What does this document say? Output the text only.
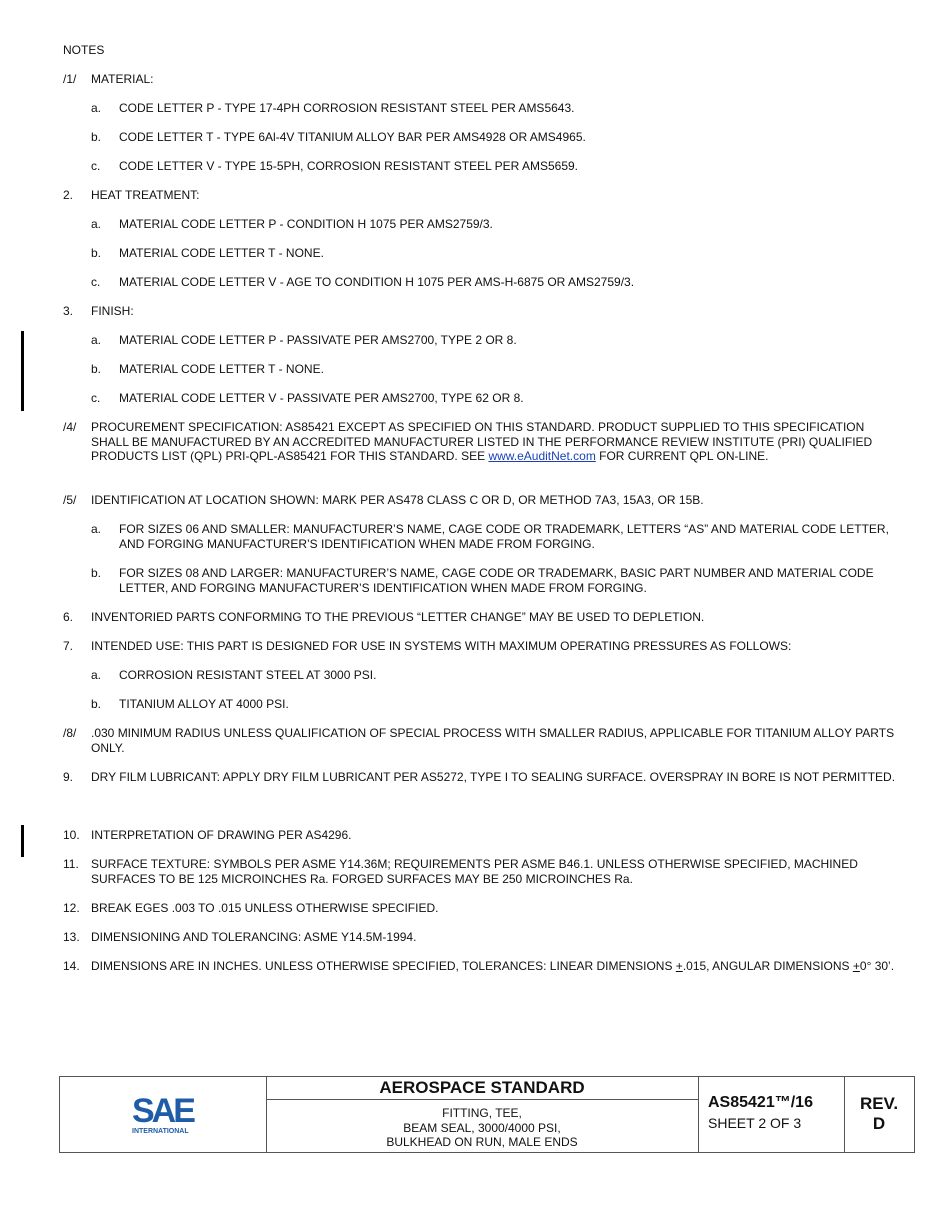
NOTES
/1/	MATERIAL:
a.	CODE LETTER P - TYPE 17-4PH CORROSION RESISTANT STEEL PER AMS5643.
b.	CODE LETTER T - TYPE 6Al-4V TITANIUM ALLOY BAR PER AMS4928 OR AMS4965.
c.	CODE LETTER V - TYPE 15-5PH, CORROSION RESISTANT STEEL PER AMS5659.
2.	HEAT TREATMENT:
a.	MATERIAL CODE LETTER P - CONDITION H 1075 PER AMS2759/3.
b.	MATERIAL CODE LETTER T - NONE.
c.	MATERIAL CODE LETTER V - AGE TO CONDITION H 1075 PER AMS-H-6875 OR AMS2759/3.
3.	FINISH:
a.	MATERIAL CODE LETTER P - PASSIVATE PER AMS2700, TYPE 2 OR 8.
b.	MATERIAL CODE LETTER T - NONE.
c.	MATERIAL CODE LETTER V - PASSIVATE PER AMS2700, TYPE 62 OR 8.
/4/	PROCUREMENT SPECIFICATION: AS85421 EXCEPT AS SPECIFIED ON THIS STANDARD. PRODUCT SUPPLIED TO THIS SPECIFICATION SHALL BE MANUFACTURED BY AN ACCREDITED MANUFACTURER LISTED IN THE PERFORMANCE REVIEW INSTITUTE (PRI) QUALIFIED PRODUCTS LIST (QPL) PRI-QPL-AS85421 FOR THIS STANDARD. SEE www.eAuditNet.com FOR CURRENT QPL ON-LINE.
/5/	IDENTIFICATION AT LOCATION SHOWN: MARK PER AS478 CLASS C OR D, OR METHOD 7A3, 15A3, OR 15B.
a.	FOR SIZES 06 AND SMALLER: MANUFACTURER’S NAME, CAGE CODE OR TRADEMARK, LETTERS “AS” AND MATERIAL CODE LETTER, AND FORGING MANUFACTURER’S IDENTIFICATION WHEN MADE FROM FORGING.
b.	FOR SIZES 08 AND LARGER: MANUFACTURER’S NAME, CAGE CODE OR TRADEMARK, BASIC PART NUMBER AND MATERIAL CODE LETTER, AND FORGING MANUFACTURER’S IDENTIFICATION WHEN MADE FROM FORGING.
6.	INVENTORIED PARTS CONFORMING TO THE PREVIOUS “LETTER CHANGE” MAY BE USED TO DEPLETION.
7.	INTENDED USE: THIS PART IS DESIGNED FOR USE IN SYSTEMS WITH MAXIMUM OPERATING PRESSURES AS FOLLOWS:
a.	CORROSION RESISTANT STEEL AT 3000 PSI.
b.	TITANIUM ALLOY AT 4000 PSI.
/8/	.030 MINIMUM RADIUS UNLESS QUALIFICATION OF SPECIAL PROCESS WITH SMALLER RADIUS, APPLICABLE FOR TITANIUM ALLOY PARTS ONLY.
9.	DRY FILM LUBRICANT: APPLY DRY FILM LUBRICANT PER AS5272, TYPE I TO SEALING SURFACE. OVERSPRAY IN BORE IS NOT PERMITTED.
10. INTERPRETATION OF DRAWING PER AS4296.
11.	SURFACE TEXTURE: SYMBOLS PER ASME Y14.36M; REQUIREMENTS PER ASME B46.1. UNLESS OTHERWISE SPECIFIED, MACHINED SURFACES TO BE 125 MICROINCHES Ra. FORGED SURFACES MAY BE 250 MICROINCHES Ra.
12. BREAK EGES .003 TO .015 UNLESS OTHERWISE SPECIFIED.
13. DIMENSIONING AND TOLERANCING: ASME Y14.5M-1994.
14. DIMENSIONS ARE IN INCHES. UNLESS OTHERWISE SPECIFIED, TOLERANCES: LINEAR DIMENSIONS +.015, ANGULAR DIMENSIONS +0° 30’.
SAE
INTERNATIONAL
AEROSPACE STANDARD
FITTING, TEE,
BEAM SEAL, 3000/4000 PSI,
BULKHEAD ON RUN, MALE ENDS
AS85421™/16
SHEET 2 OF 3
REV.
D
